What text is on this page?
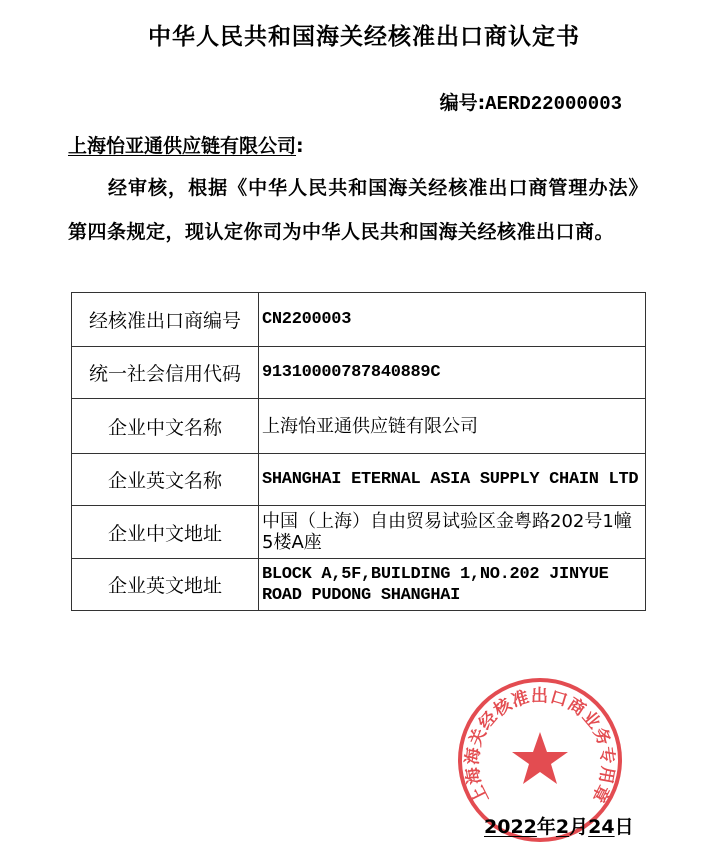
中华人民共和国海关经核准出口商认定书
编号:AERD22000003
上海怡亚通供应链有限公司:
经审核，根据《中华人民共和国海关经核准出口商管理办法》第四条规定，现认定你司为中华人民共和国海关经核准出口商。
经核准出口商编号	CN2200003
统一社会信用代码	91310000787840889C
企业中文名称	上海怡亚通供应链有限公司
企业英文名称	SHANGHAI ETERNAL ASIA SUPPLY CHAIN LTD
企业中文地址	中国（上海）自由贸易试验区金粤路202号1幢5楼A座
企业英文地址	BLOCK A,5F,BUILDING 1,NO.202 JINYUE ROAD PUDONG SHANGHAI
上海海关经核准出口商业务专用章
2022年2月24日
